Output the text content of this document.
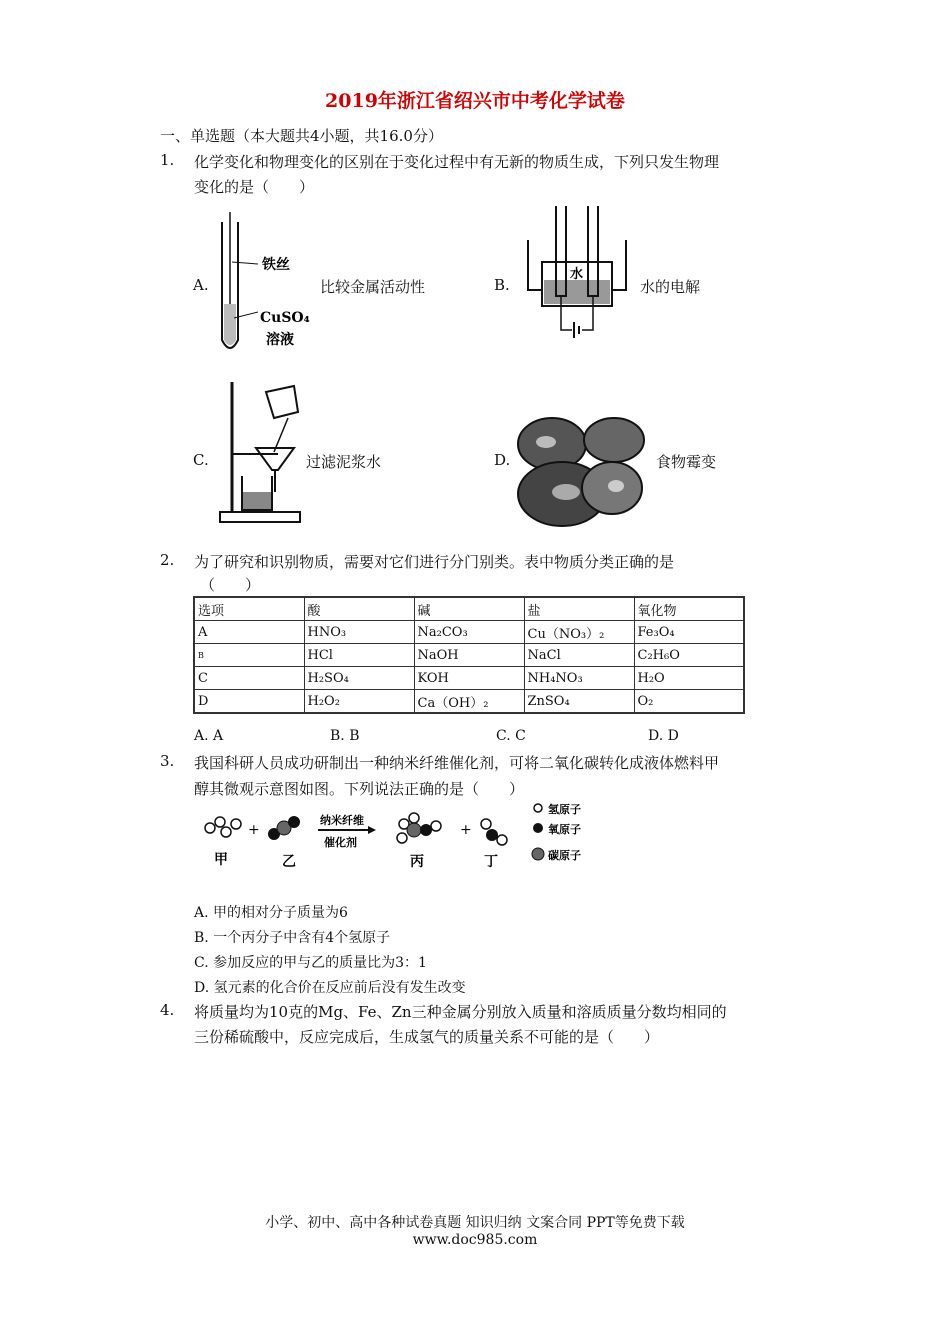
2019年浙江省绍兴市中考化学试卷
一、单选题（本大题共4小题，共16.0分）
1. 化学变化和物理变化的区别在于变化过程中有无新的物质生成，下列只发生物理
变化的是（　　）
A.
铁丝
CuSO₄
溶液
比较金属活动性	B.
水
水的电解
C.	过滤泥浆水	D.	食物霉变
2. 为了研究和识别物质，需要对它们进行分门别类。表中物质分类正确的是
（　　）
选项	酸	碱	盐	氧化物
A	HNO₃	Na₂CO₃	Cu（NO₃）₂	Fe₃O₄
B	HCl	NaOH	NaCl	C₂H₆O
C	H₂SO₄	KOH	NH₄NO₃	H₂O
D	H₂O₂	Ca（OH）₂	ZnSO₄	O₂
A. A	B. B	C. C	D. D
3. 我国科研人员成功研制出一种纳米纤维催化剂，可将二氧化碳转化成液体燃料甲
醇其微观示意图如图。下列说法正确的是（　　）
甲
+
乙
纳米纤维
催化剂
丙
+
丁
氢原子
氧原子
碳原子
A. 甲的相对分子质量为6
B. 一个丙分子中含有4个氢原子
C. 参加反应的甲与乙的质量比为3：1
D. 氢元素的化合价在反应前后没有发生改变
4. 将质量均为10克的Mg、Fe、Zn三种金属分别放入质量和溶质质量分数均相同的
三份稀硫酸中，反应完成后，生成氢气的质量关系不可能的是（　　）
小学、初中、高中各种试卷真题 知识归纳 文案合同 PPT等免费下载
www.doc985.com
